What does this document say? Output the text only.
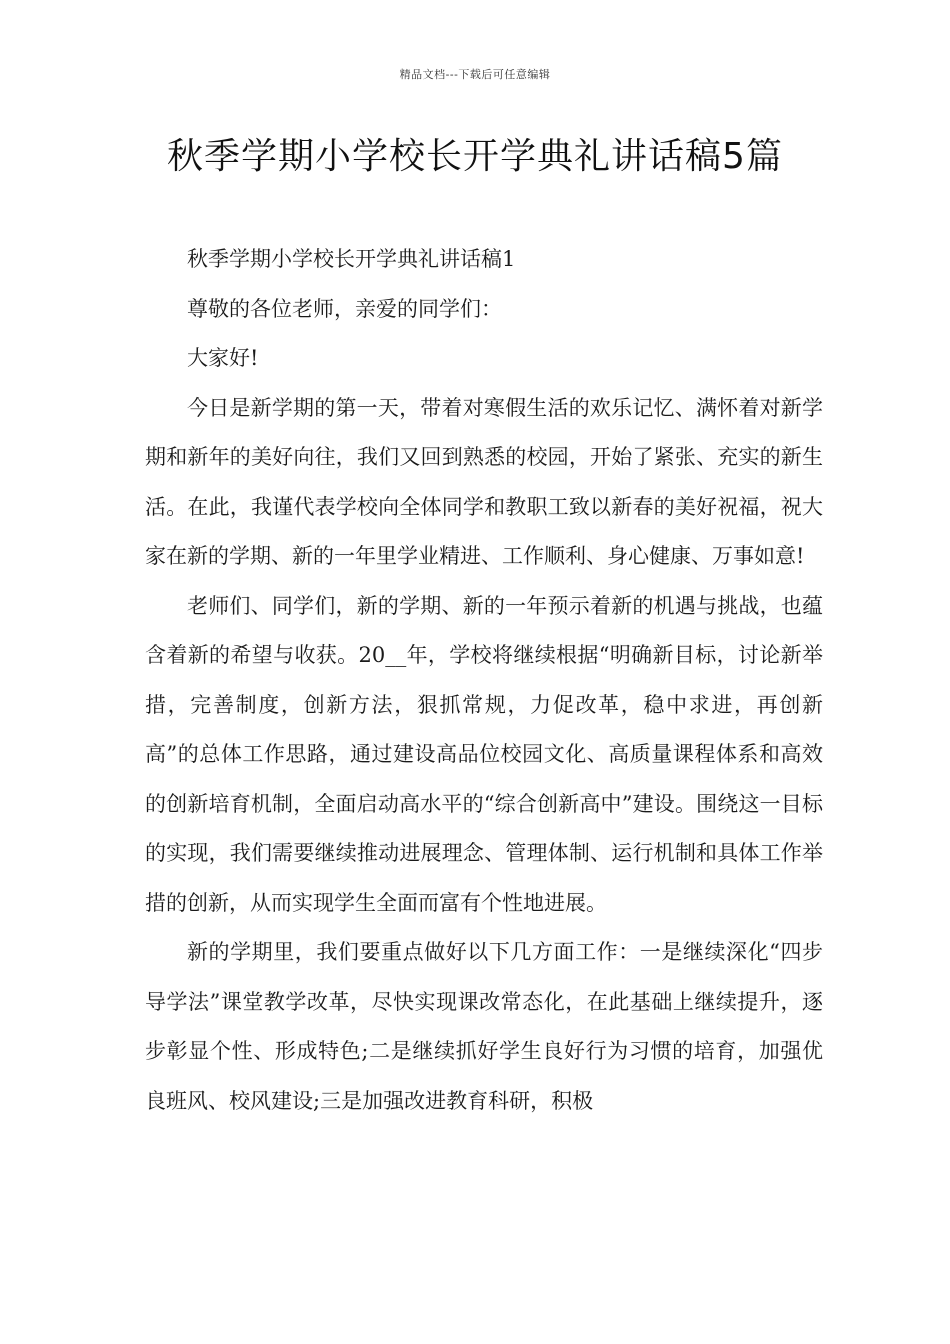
精品文档---下载后可任意编辑
秋季学期小学校长开学典礼讲话稿5篇

秋季学期小学校长开学典礼讲话稿1

尊敬的各位老师，亲爱的同学们：

大家好!

今日是新学期的第一天，带着对寒假生活的欢乐记忆、满怀着对新学期和新年的美好向往，我们又回到熟悉的校园，开始了紧张、充实的新生活。在此，我谨代表学校向全体同学和教职工致以新春的美好祝福，祝大家在新的学期、新的一年里学业精进、工作顺利、身心健康、万事如意!

老师们、同学们，新的学期、新的一年预示着新的机遇与挑战，也蕴含着新的希望与收获。20__年，学校将继续根据“明确新目标，讨论新举措，完善制度，创新方法，狠抓常规，力促改革，稳中求进，再创新高”的总体工作思路，通过建设高品位校园文化、高质量课程体系和高效的创新培育机制，全面启动高水平的“综合创新高中”建设。围绕这一目标的实现，我们需要继续推动进展理念、管理体制、运行机制和具体工作举措的创新，从而实现学生全面而富有个性地进展。

新的学期里，我们要重点做好以下几方面工作：一是继续深化“四步导学法”课堂教学改革，尽快实现课改常态化，在此基础上继续提升，逐步彰显个性、形成特色;二是继续抓好学生良好行为习惯的培育，加强优良班风、校风建设;三是加强改进教育科研，积极
